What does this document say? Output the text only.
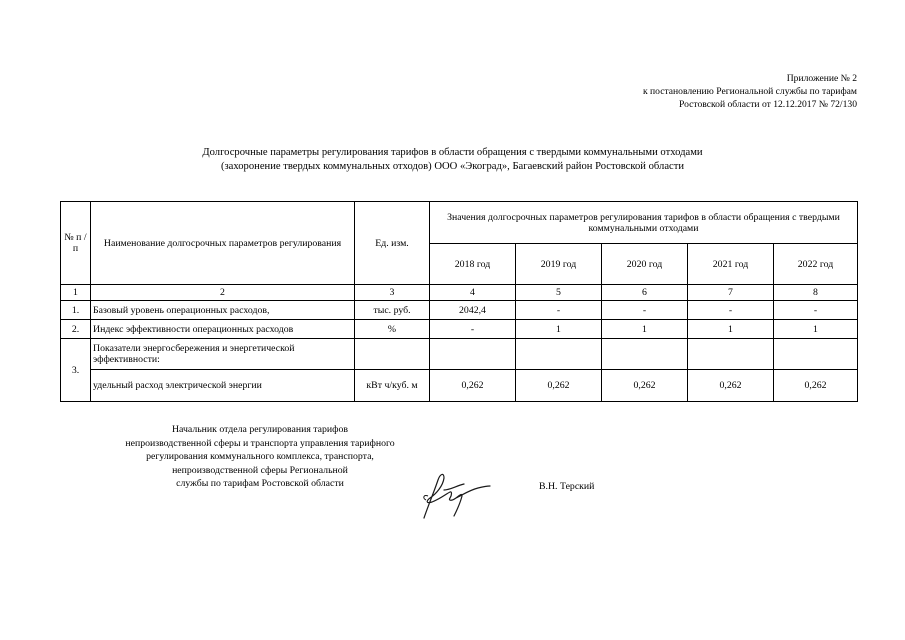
Приложение № 2
к постановлению Региональной службы по тарифам
Ростовской области от 12.12.2017 № 72/130
Долгосрочные параметры регулирования тарифов в области обращения с твердыми коммунальными отходами
(захоронение твердых коммунальных отходов) ООО «Экоград», Багаевский район Ростовской области
№ п /п	Наименование долгосрочных параметров регулирования	Ед. изм.	Значения долгосрочных параметров регулирования тарифов в области обращения с твердыми коммунальными отходами				
			2018 год	2019 год	2020 год	2021 год	2022 год
1	2	3	4	5	6	7	8
1.	Базовый уровень операционных расходов,	тыс. руб.	2042,4	-	-	-	-
2.	Индекс эффективности операционных расходов	%	-	1	1	1	1
3.	Показатели энергосбережения и энергетической эффективности:						
	удельный расход электрической энергии	кВт ч/куб. м	0,262	0,262	0,262	0,262	0,262
Начальник отдела регулирования тарифов
непроизводственной сферы и транспорта управления тарифного
регулирования коммунального комплекса, транспорта,
непроизводственной сферы Региональной
службы по тарифам Ростовской области	В.Н. Терский
